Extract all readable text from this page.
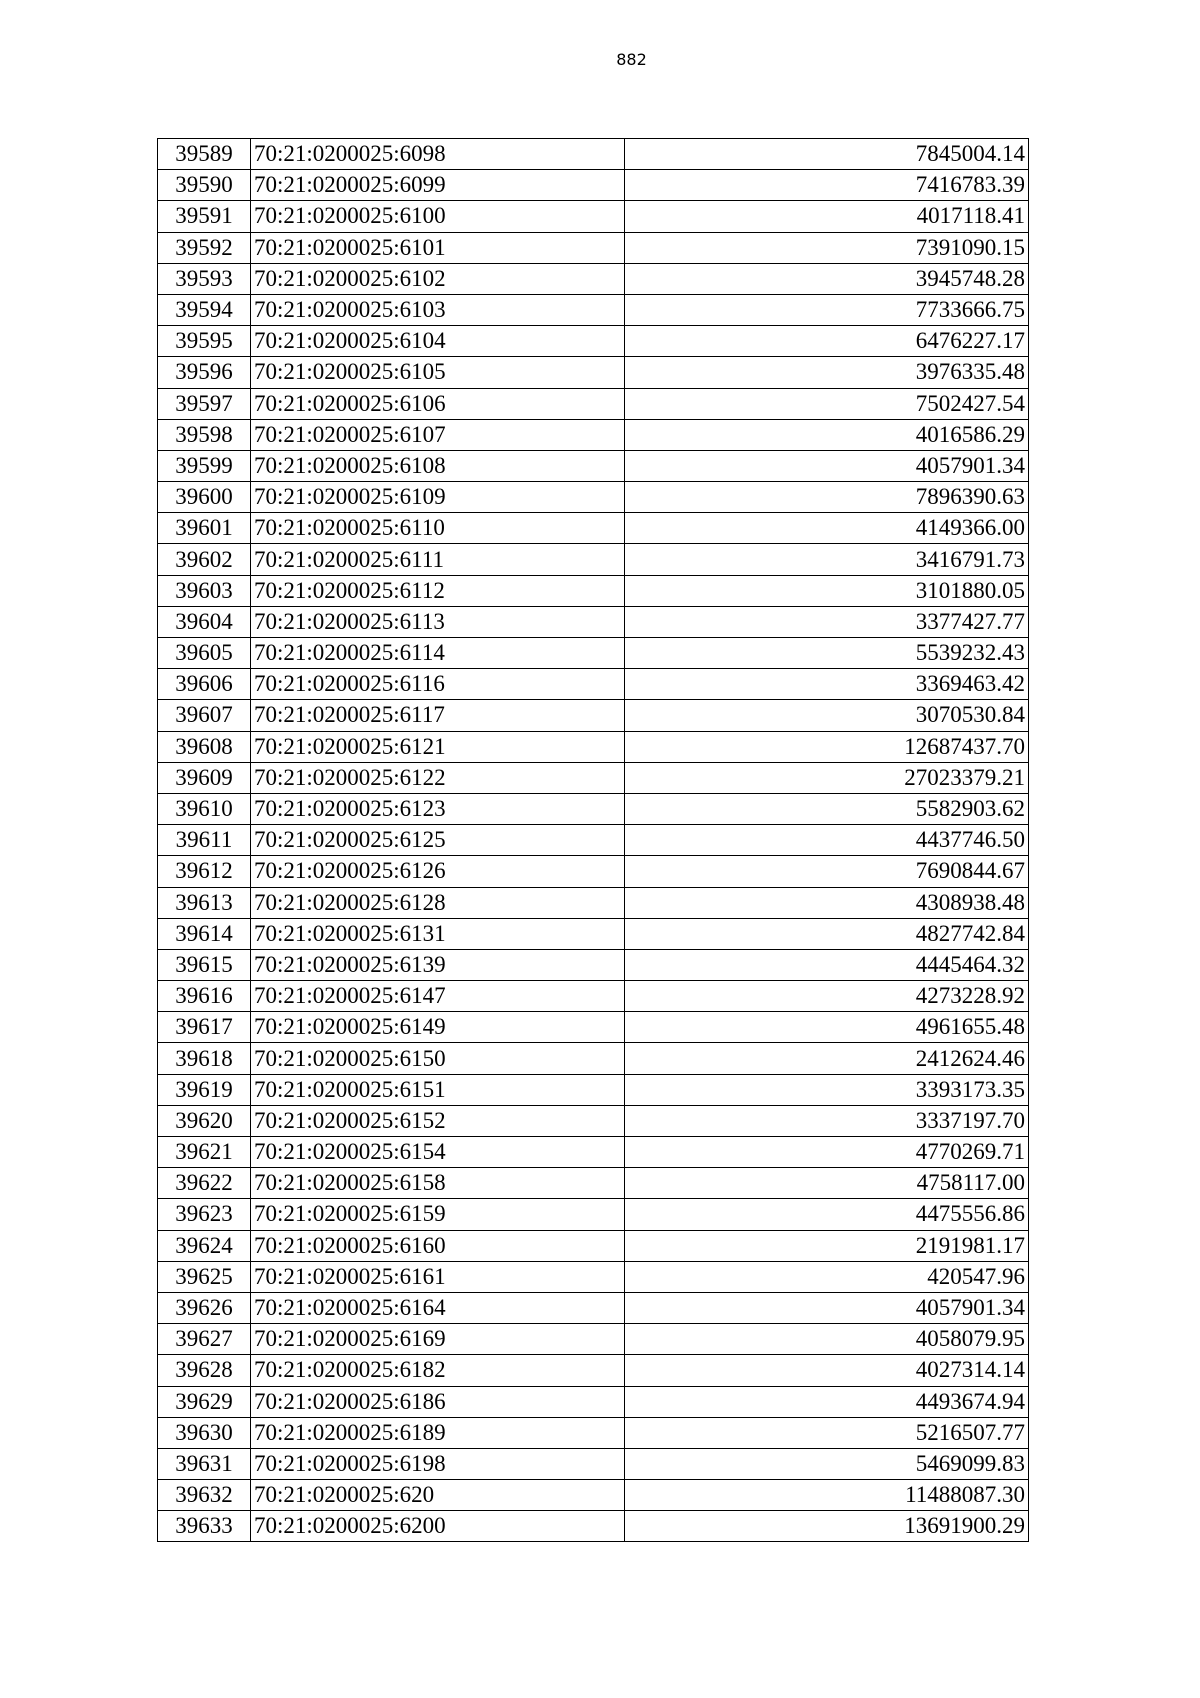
882
39589	70:21:0200025:6098	7845004.14
39590	70:21:0200025:6099	7416783.39
39591	70:21:0200025:6100	4017118.41
39592	70:21:0200025:6101	7391090.15
39593	70:21:0200025:6102	3945748.28
39594	70:21:0200025:6103	7733666.75
39595	70:21:0200025:6104	6476227.17
39596	70:21:0200025:6105	3976335.48
39597	70:21:0200025:6106	7502427.54
39598	70:21:0200025:6107	4016586.29
39599	70:21:0200025:6108	4057901.34
39600	70:21:0200025:6109	7896390.63
39601	70:21:0200025:6110	4149366.00
39602	70:21:0200025:6111	3416791.73
39603	70:21:0200025:6112	3101880.05
39604	70:21:0200025:6113	3377427.77
39605	70:21:0200025:6114	5539232.43
39606	70:21:0200025:6116	3369463.42
39607	70:21:0200025:6117	3070530.84
39608	70:21:0200025:6121	12687437.70
39609	70:21:0200025:6122	27023379.21
39610	70:21:0200025:6123	5582903.62
39611	70:21:0200025:6125	4437746.50
39612	70:21:0200025:6126	7690844.67
39613	70:21:0200025:6128	4308938.48
39614	70:21:0200025:6131	4827742.84
39615	70:21:0200025:6139	4445464.32
39616	70:21:0200025:6147	4273228.92
39617	70:21:0200025:6149	4961655.48
39618	70:21:0200025:6150	2412624.46
39619	70:21:0200025:6151	3393173.35
39620	70:21:0200025:6152	3337197.70
39621	70:21:0200025:6154	4770269.71
39622	70:21:0200025:6158	4758117.00
39623	70:21:0200025:6159	4475556.86
39624	70:21:0200025:6160	2191981.17
39625	70:21:0200025:6161	420547.96
39626	70:21:0200025:6164	4057901.34
39627	70:21:0200025:6169	4058079.95
39628	70:21:0200025:6182	4027314.14
39629	70:21:0200025:6186	4493674.94
39630	70:21:0200025:6189	5216507.77
39631	70:21:0200025:6198	5469099.83
39632	70:21:0200025:620	11488087.30
39633	70:21:0200025:6200	13691900.29
